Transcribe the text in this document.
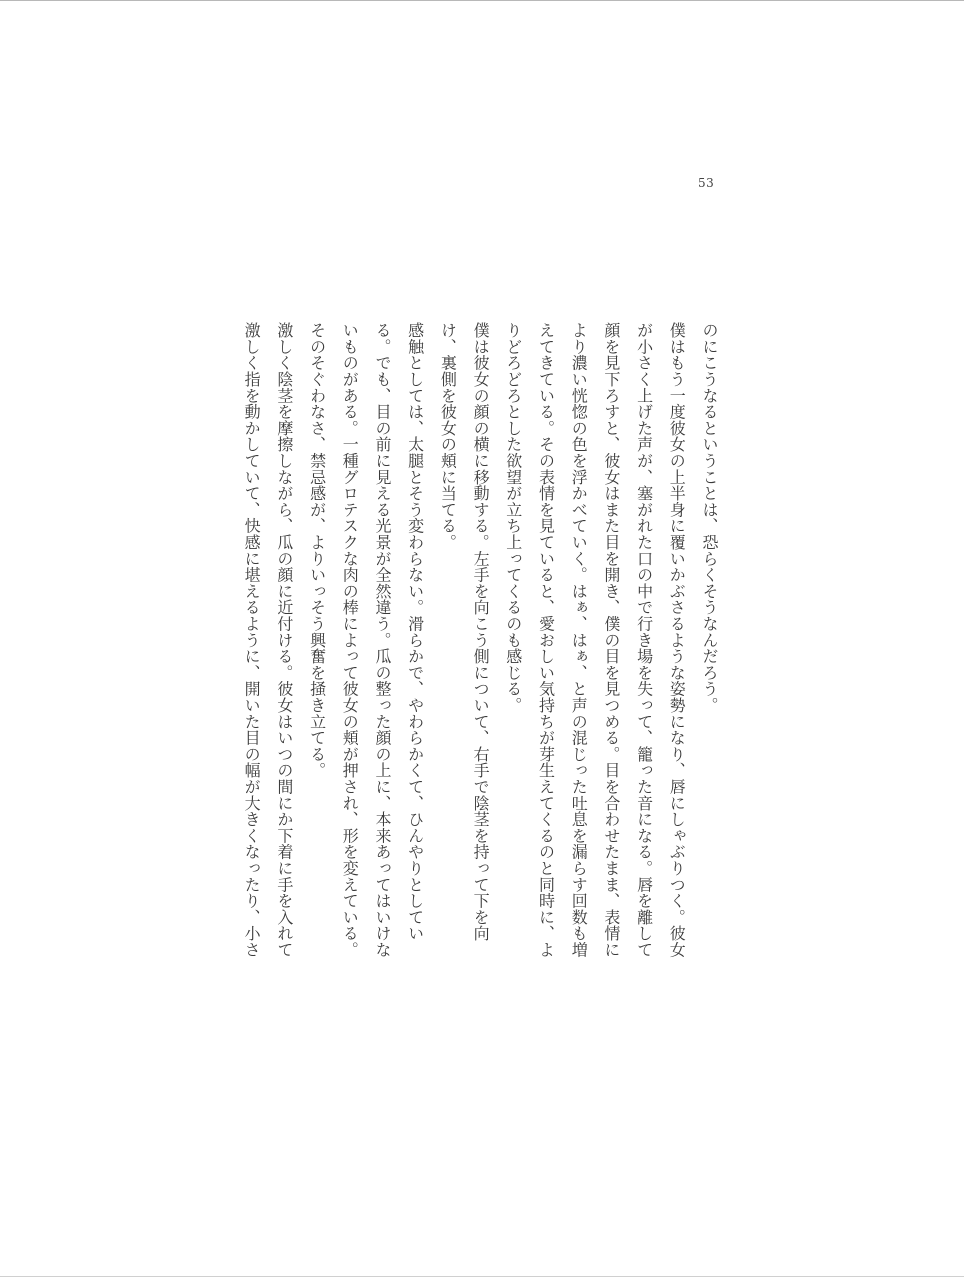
53

のにこうなるということは、恐らくそうなんだろう。

僕はもう一度彼女の上半身に覆いかぶさるような姿勢になり、唇にしゃぶりつく。彼女が小さく上げた声が、塞がれた口の中で行き場を失って、籠った音になる。唇を離して顔を見下ろすと、彼女はまた目を開き、僕の目を見つめる。目を合わせたまま、表情により濃い恍惚の色を浮かべていく。はぁ、はぁ、と声の混じった吐息を漏らす回数も増えてきている。その表情を見ていると、愛おしい気持ちが芽生えてくるのと同時に、よりどろどろとした欲望が立ち上ってくるのも感じる。

僕は彼女の顔の横に移動する。左手を向こう側について、右手で陰茎を持って下を向け、裏側を彼女の頬に当てる。

感触としては、太腿とそう変わらない。滑らかで、やわらかくて、ひんやりとしている。でも、目の前に見える光景が全然違う。瓜の整った顔の上に、本来あってはいけないものがある。一種グロテスクな肉の棒によって彼女の頬が押され、形を変えている。そのそぐわなさ、禁忌感が、よりいっそう興奮を掻き立てる。

激しく陰茎を摩擦しながら、瓜の顔に近付ける。彼女はいつの間にか下着に手を入れて激しく指を動かしていて、快感に堪えるように、開いた目の幅が大きくなったり、小さ
